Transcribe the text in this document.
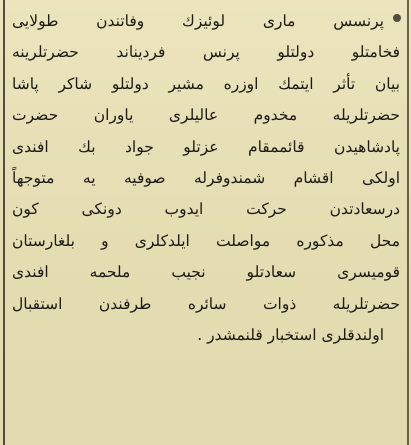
پرنسس ماری لوئیزك وفاتندن طولایی
فخامتلو دولتلو پرنس فردیناند حضرتلرینه
بیان تأثر ایتمك اوزره مشیر دولتلو شاكر پاشا
حضرتلریله مخدوم عالیلری یاوران حضرت
پادشاهیدن قائممقام عزتلو جواد بك افندی
اولکی اقشام شمندوفرله صوفیه یه متوجهاً
درسعادتدن حرکت ایدوب دونکی کون
محل مذکوره مواصلت ایلدکلری و بلغارستان
قومیسری سعادتلو نجیب ملحمه افندی
حضرتلریله ذوات سائره طرفندن استقبال
اولندقلری استخبار قلنمشدر .
